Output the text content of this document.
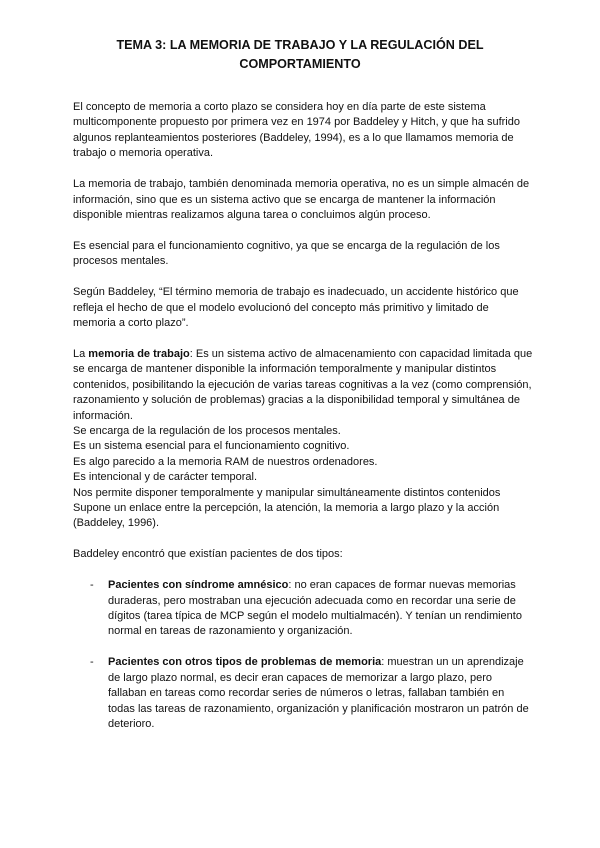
TEMA 3: LA MEMORIA DE TRABAJO Y LA REGULACIÓN DEL
COMPORTAMIENTO

El concepto de memoria a corto plazo se considera hoy en día parte de este sistema multicomponente propuesto por primera vez en 1974 por Baddeley y Hitch, y que ha sufrido algunos replanteamientos posteriores (Baddeley, 1994), es a lo que llamamos memoria de trabajo o memoria operativa.

La memoria de trabajo, también denominada memoria operativa, no es un simple almacén de información, sino que es un sistema activo que se encarga de mantener la información disponible mientras realizamos alguna tarea o concluimos algún proceso.

Es esencial para el funcionamiento cognitivo, ya que se encarga de la regulación de los procesos mentales.

Según Baddeley, “El término memoria de trabajo es inadecuado, un accidente histórico que refleja el hecho de que el modelo evolucionó del concepto más primitivo y limitado de memoria a corto plazo”.

La memoria de trabajo: Es un sistema activo de almacenamiento con capacidad limitada que se encarga de mantener disponible la información temporalmente y manipular distintos contenidos, posibilitando la ejecución de varias tareas cognitivas a la vez (como comprensión, razonamiento y solución de problemas) gracias a la disponibilidad temporal y simultánea de información.
Se encarga de la regulación de los procesos mentales.
Es un sistema esencial para el funcionamiento cognitivo.
Es algo parecido a la memoria RAM de nuestros ordenadores.
Es intencional y de carácter temporal.
Nos permite disponer temporalmente y manipular simultáneamente distintos contenidos
Supone un enlace entre la percepción, la atención, la memoria a largo plazo y la acción (Baddeley, 1996).

Baddeley encontró que existían pacientes de dos tipos:

- Pacientes con síndrome amnésico: no eran capaces de formar nuevas memorias duraderas, pero mostraban una ejecución adecuada como en recordar una serie de dígitos (tarea típica de MCP según el modelo multialmacén). Y tenían un rendimiento normal en tareas de razonamiento y organización.
- Pacientes con otros tipos de problemas de memoria: muestran un un aprendizaje de largo plazo normal, es decir eran capaces de memorizar a largo plazo, pero fallaban en tareas como recordar series de números o letras, fallaban también en todas las tareas de razonamiento, organización y planificación mostraron un patrón de deterioro.
